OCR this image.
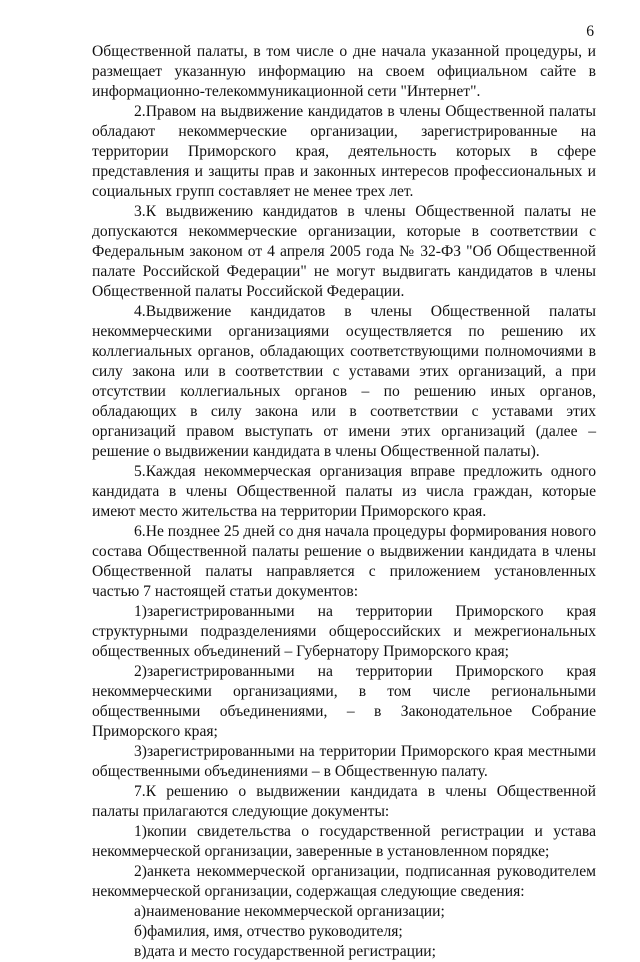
6

Общественной палаты, в том числе о дне начала указанной процедуры, и размещает указанную информацию на своем официальном сайте в информационно-телекоммуникационной сети "Интернет".

2.Правом на выдвижение кандидатов в члены Общественной палаты обладают некоммерческие организации, зарегистрированные на территории Приморского края, деятельность которых в сфере представления и защиты прав и законных интересов профессиональных и социальных групп составляет не менее трех лет.

3.К выдвижению кандидатов в члены Общественной палаты не допускаются некоммерческие организации, которые в соответствии с Федеральным законом от 4 апреля 2005 года № 32-ФЗ "Об Общественной палате Российской Федерации" не могут выдвигать кандидатов в члены Общественной палаты Российской Федерации.

4.Выдвижение кандидатов в члены Общественной палаты некоммерческими организациями осуществляется по решению их коллегиальных органов, обладающих соответствующими полномочиями в силу закона или в соответствии с уставами этих организаций, а при отсутствии коллегиальных органов – по решению иных органов, обладающих в силу закона или в соответствии с уставами этих организаций правом выступать от имени этих организаций (далее – решение о выдвижении кандидата в члены Общественной палаты).

5.Каждая некоммерческая организация вправе предложить одного кандидата в члены Общественной палаты из числа граждан, которые имеют место жительства на территории Приморского края.

6.Не позднее 25 дней со дня начала процедуры формирования нового состава Общественной палаты решение о выдвижении кандидата в члены Общественной палаты направляется с приложением установленных частью 7 настоящей статьи документов:

1)зарегистрированными на территории Приморского края структурными подразделениями общероссийских и межрегиональных общественных объединений – Губернатору Приморского края;

2)зарегистрированными на территории Приморского края некоммерческими организациями, в том числе региональными общественными объединениями, – в Законодательное Собрание Приморского края;

3)зарегистрированными на территории Приморского края местными общественными объединениями – в Общественную палату.

7.К решению о выдвижении кандидата в члены Общественной палаты прилагаются следующие документы:

1)копии свидетельства о государственной регистрации и устава некоммерческой организации, заверенные в установленном порядке;

2)анкета некоммерческой организации, подписанная руководителем некоммерческой организации, содержащая следующие сведения:

а)наименование некоммерческой организации;

б)фамилия, имя, отчество руководителя;

в)дата и место государственной регистрации;
